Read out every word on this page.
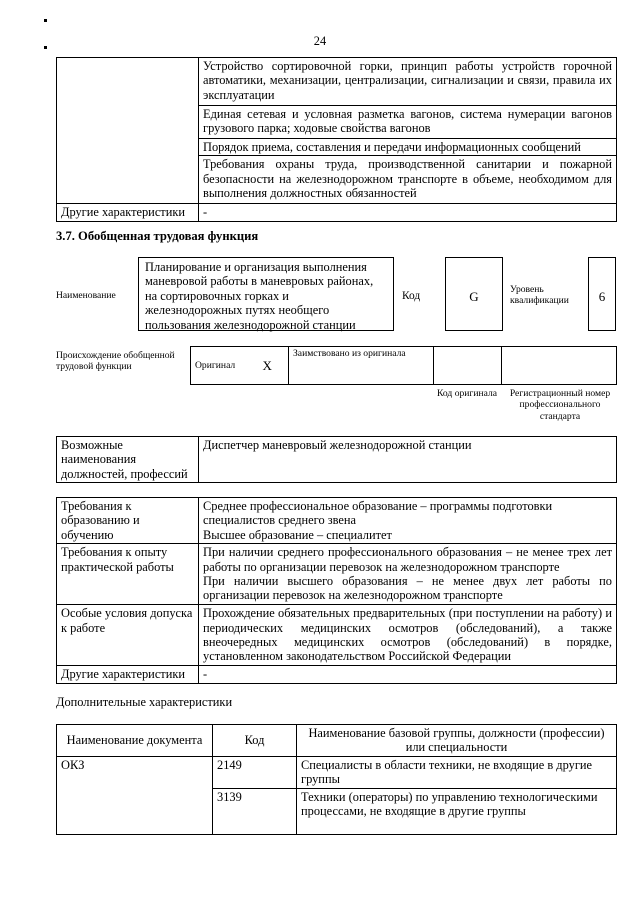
24
	Устройство сортировочной горки, принцип работы устройств горочной автоматики, механизации, централизации, сигнализации и связи, правила их эксплуатации
	Единая сетевая и условная разметка вагонов, система нумерации вагонов грузового парка; ходовые свойства вагонов
	Порядок приема, составления и передачи информационных сообщений
	Требования охраны труда, производственной санитарии и пожарной безопасности на железнодорожном транспорте в объеме, необходимом для выполнения должностных обязанностей
Другие характеристики	-
3.7. Обобщенная трудовая функция
Наименование
Планирование и организация выполнения маневровой работы в маневровых районах, на сортировочных горках и железнодорожных путях необщего пользования железнодорожной станции
Код	G	Уровень квалификации	6
Происхождение обобщенной трудовой функции	Оригинал	X	Заимствовано из оригинала		
Код оригинала	Регистрационный номер профессионального стандарта
Возможные наименования должностей, профессий	Диспетчер маневровый железнодорожной станции
Требования к образованию и обучению	Среднее профессиональное образование – программы подготовки специалистов среднего звена
Высшее образование – специалитет

Требования к опыту практической работы	При наличии среднего профессионального образования – не менее трех лет работы по организации перевозок на железнодорожном транспорте
При наличии высшего образования – не менее двух лет работы по организации перевозок на железнодорожном транспорте

Особые условия допуска к работе	Прохождение обязательных предварительных (при поступлении на работу) и периодических медицинских осмотров (обследований), а также внеочередных медицинских осмотров (обследований) в порядке, установленном законодательством Российской Федерации
Другие характеристики	-
Дополнительные характеристики
Наименование документа	Код	Наименование базовой группы, должности (профессии) или специальности
ОКЗ	2149	Специалисты в области техники, не входящие в другие группы
	3139	Техники (операторы) по управлению технологическими процессами, не входящие в другие группы
